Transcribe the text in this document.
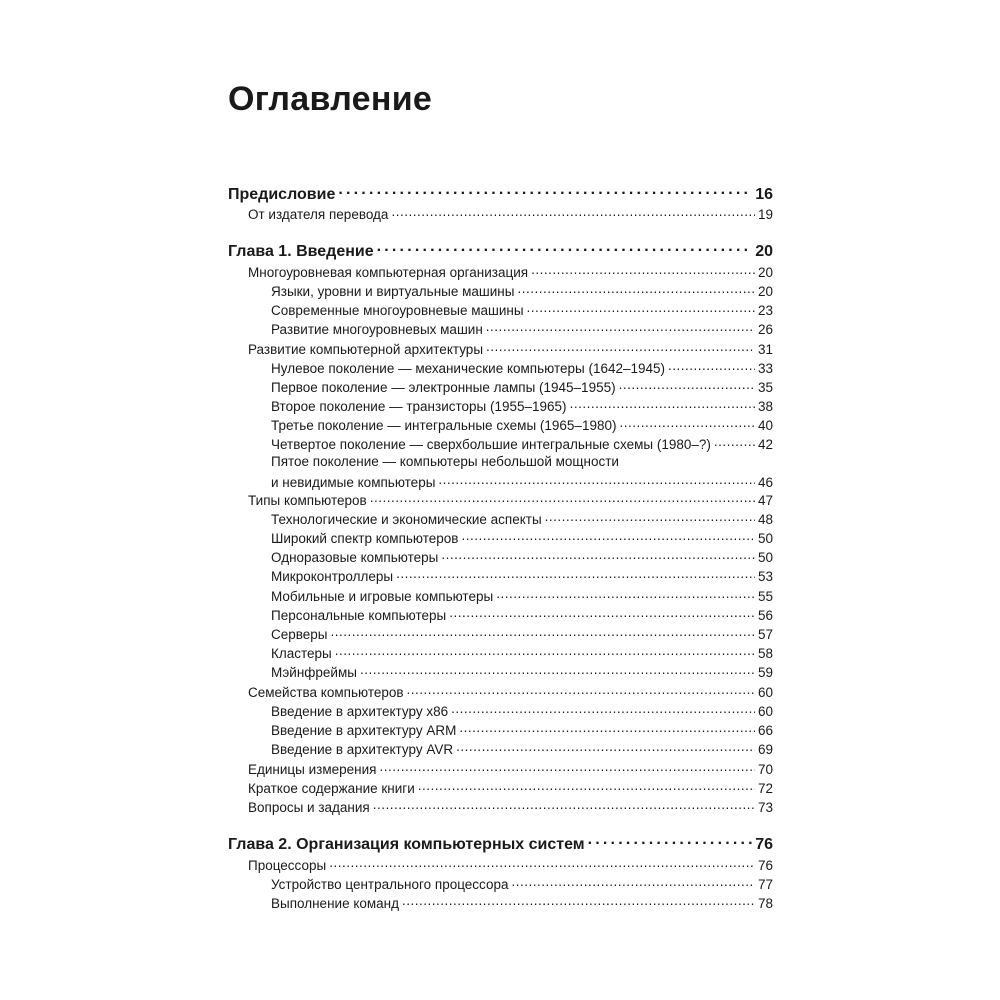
Оглавление
Предисловие .....	16
От издателя перевода .....	19
Глава 1. Введение .....	20
Многоуровневая компьютерная организация .....	20
Языки, уровни и виртуальные машины .....	20
Современные многоуровневые машины .....	23
Развитие многоуровневых машин .....	26
Развитие компьютерной архитектуры .....	31
Нулевое поколение — механические компьютеры (1642–1945) .....	33
Первое поколение — электронные лампы (1945–1955) .....	35
Второе поколение — транзисторы (1955–1965) .....	38
Третье поколение — интегральные схемы (1965–1980) .....	40
Четвертое поколение — сверхбольшие интегральные схемы (1980–?) .....	42
Пятое поколение — компьютеры небольшой мощности
и невидимые компьютеры .....	46
Типы компьютеров .....	47
Технологические и экономические аспекты .....	48
Широкий спектр компьютеров .....	50
Одноразовые компьютеры .....	50
Микроконтроллеры .....	53
Мобильные и игровые компьютеры .....	55
Персональные компьютеры .....	56
Серверы .....	57
Кластеры .....	58
Мэйнфреймы .....	59
Семейства компьютеров .....	60
Введение в архитектуру x86 .....	60
Введение в архитектуру ARM .....	66
Введение в архитектуру AVR .....	69
Единицы измерения .....	70
Краткое содержание книги .....	72
Вопросы и задания .....	73
Глава 2. Организация компьютерных систем .....	76
Процессоры .....	76
Устройство центрального процессора .....	77
Выполнение команд .....	78
